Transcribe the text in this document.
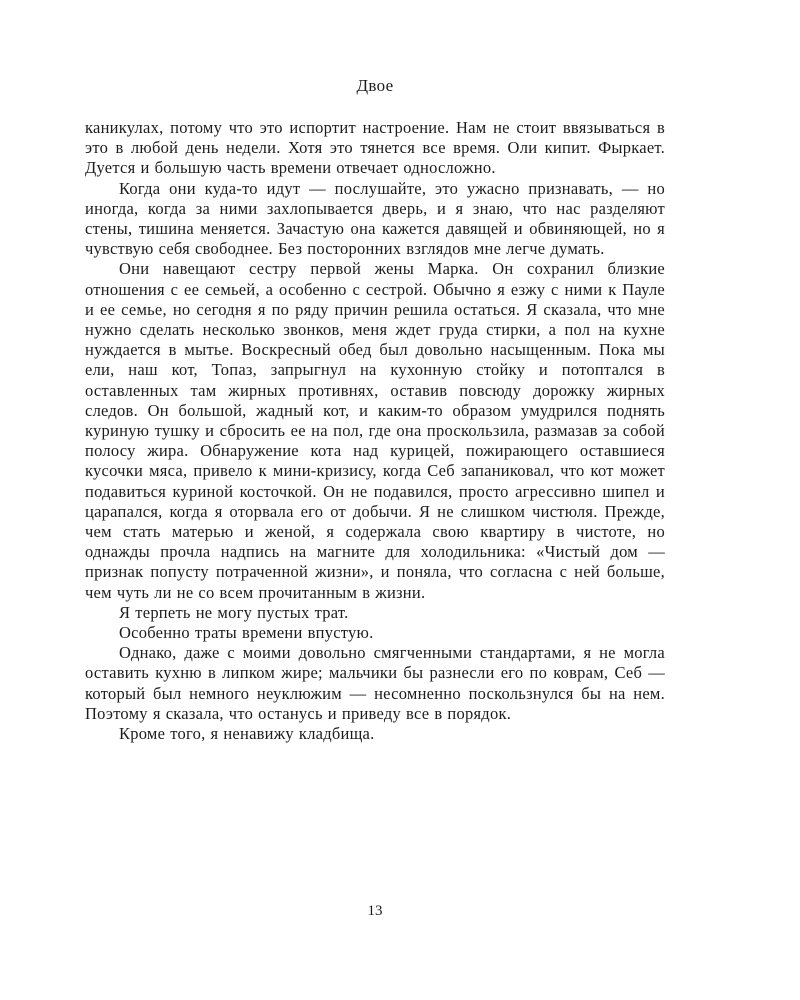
Двое

каникулах, потому что это испортит настроение. Нам не стоит ввязываться в это в любой день недели. Хотя это тянется все время. Оли кипит. Фыркает. Дуется и большую часть времени отвечает односложно.

Когда они куда-то идут — послушайте, это ужасно признавать, — но иногда, когда за ними захлопывается дверь, и я знаю, что нас разделяют стены, тишина меняется. Зачастую она кажется давящей и обвиняющей, но я чувствую себя свободнее. Без посторонних взглядов мне легче думать.

Они навещают сестру первой жены Марка. Он сохранил близкие отношения с ее семьей, а особенно с сестрой. Обычно я езжу с ними к Пауле и ее семье, но сегодня я по ряду причин решила остаться. Я сказала, что мне нужно сделать несколько звонков, меня ждет груда стирки, а пол на кухне нуждается в мытье. Воскресный обед был довольно насыщенным. Пока мы ели, наш кот, Топаз, запрыгнул на кухонную стойку и потоптался в оставленных там жирных противнях, оставив повсюду дорожку жирных следов. Он большой, жадный кот, и каким-то образом умудрился поднять куриную тушку и сбросить ее на пол, где она проскользила, размазав за собой полосу жира. Обнаружение кота над курицей, пожирающего оставшиеся кусочки мяса, привело к мини-кризису, когда Себ запаниковал, что кот может подавиться куриной косточкой. Он не подавился, просто агрессивно шипел и царапался, когда я оторвала его от добычи. Я не слишком чистюля. Прежде, чем стать матерью и женой, я содержала свою квартиру в чистоте, но однажды прочла надпись на магните для холодильника: «Чистый дом — признак попусту потраченной жизни», и поняла, что согласна с ней больше, чем чуть ли не со всем прочитанным в жизни.

Я терпеть не могу пустых трат.

Особенно траты времени впустую.

Однако, даже с моими довольно смягченными стандартами, я не могла оставить кухню в липком жире; мальчики бы разнесли его по коврам, Себ — который был немного неуклюжим — несомненно поскользнулся бы на нем. Поэтому я сказала, что останусь и приведу все в порядок.

Кроме того, я ненавижу кладбища.

13
